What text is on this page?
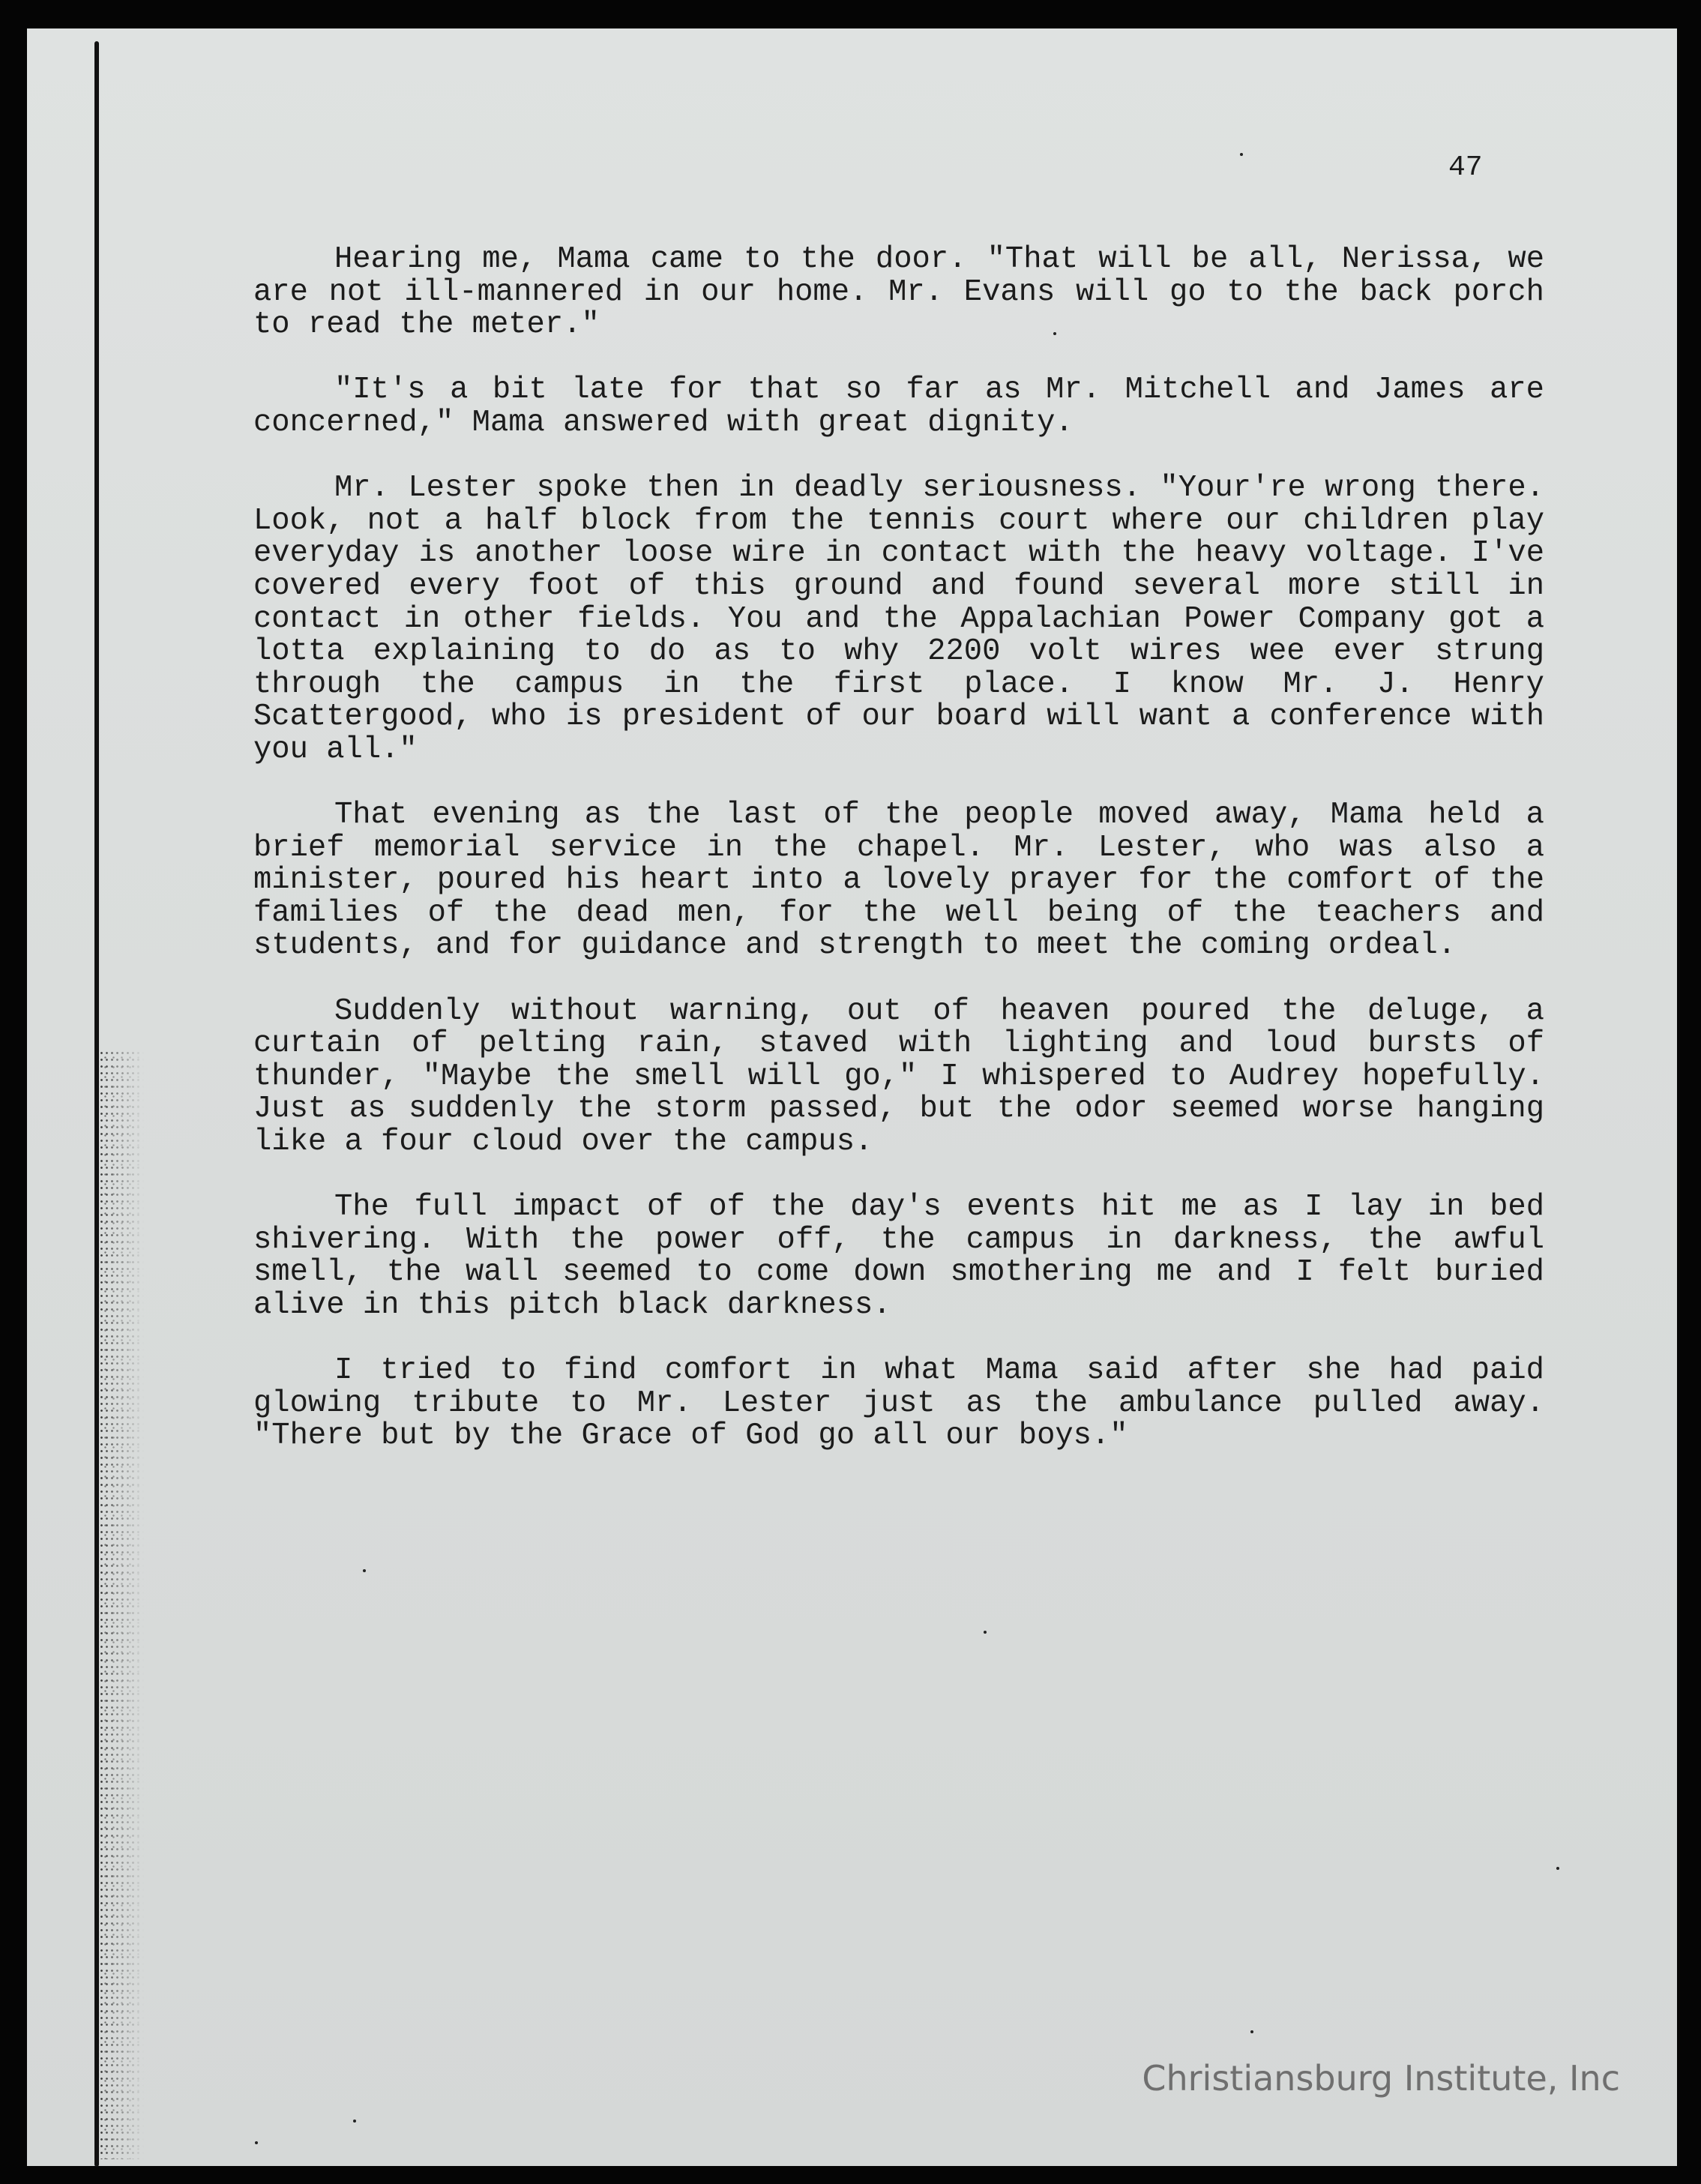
47

Hearing me, Mama came to the door. "That will be all, Nerissa, we are not ill-mannered in our home. Mr. Evans will go to the back porch to read the meter."

"It's a bit late for that so far as Mr. Mitchell and James are concerned," Mama answered with great dignity.

Mr. Lester spoke then in deadly seriousness. "Your're wrong there. Look, not a half block from the tennis court where our children play everyday is another loose wire in contact with the heavy voltage. I've covered every foot of this ground and found several more still in contact in other fields. You and the Appalachian Power Company got a lotta explaining to do as to why 2200 volt wires wee ever strung through the campus in the first place. I know Mr. J. Henry Scattergood, who is president of our board will want a conference with you all."

That evening as the last of the people moved away, Mama held a brief memorial service in the chapel. Mr. Lester, who was also a minister, poured his heart into a lovely prayer for the comfort of the families of the dead men, for the well being of the teachers and students, and for guidance and strength to meet the coming ordeal.

Suddenly without warning, out of heaven poured the deluge, a curtain of pelting rain, staved with lighting and loud bursts of thunder, "Maybe the smell will go," I whispered to Audrey hopefully. Just as suddenly the storm passed, but the odor seemed worse hanging like a four cloud over the campus.

The full impact of of the day's events hit me as I lay in bed shivering. With the power off, the campus in darkness, the awful smell, the wall seemed to come down smothering me and I felt buried alive in this pitch black darkness.

I tried to find comfort in what Mama said after she had paid glowing tribute to Mr. Lester just as the ambulance pulled away. "There but by the Grace of God go all our boys."

Christiansburg Institute, Inc
